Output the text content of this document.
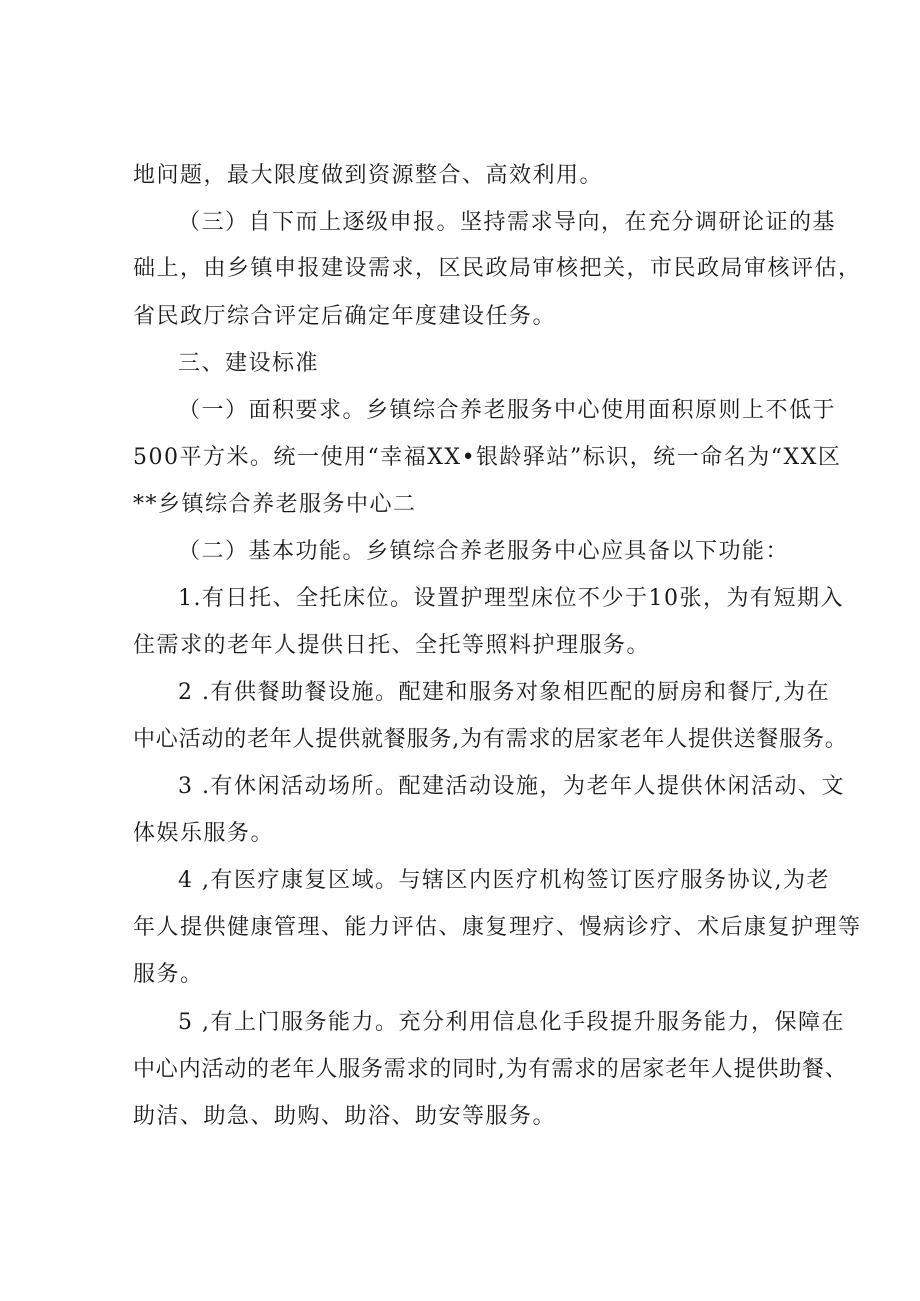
地问题，最大限度做到资源整合、高效利用。
（三）自下而上逐级申报。坚持需求导向，在充分调研论证的基
础上，由乡镇申报建设需求，区民政局审核把关，市民政局审核评估，
省民政厅综合评定后确定年度建设任务。
三、建设标准
（一）面积要求。乡镇综合养老服务中心使用面积原则上不低于
500平方米。统一使用“幸福XX•银龄驿站”标识，统一命名为“XX区
**乡镇综合养老服务中心二
（二）基本功能。乡镇综合养老服务中心应具备以下功能：
1.有日托、全托床位。设置护理型床位不少于10张，为有短期入
住需求的老年人提供日托、全托等照料护理服务。
2 .有供餐助餐设施。配建和服务对象相匹配的厨房和餐厅,为在
中心活动的老年人提供就餐服务,为有需求的居家老年人提供送餐服务。
3 .有休闲活动场所。配建活动设施，为老年人提供休闲活动、文
体娱乐服务。
4 ,有医疗康复区域。与辖区内医疗机构签订医疗服务协议,为老
年人提供健康管理、能力评估、康复理疗、慢病诊疗、术后康复护理等
服务。
5 ,有上门服务能力。充分利用信息化手段提升服务能力，保障在
中心内活动的老年人服务需求的同时,为有需求的居家老年人提供助餐、
助洁、助急、助购、助浴、助安等服务。
